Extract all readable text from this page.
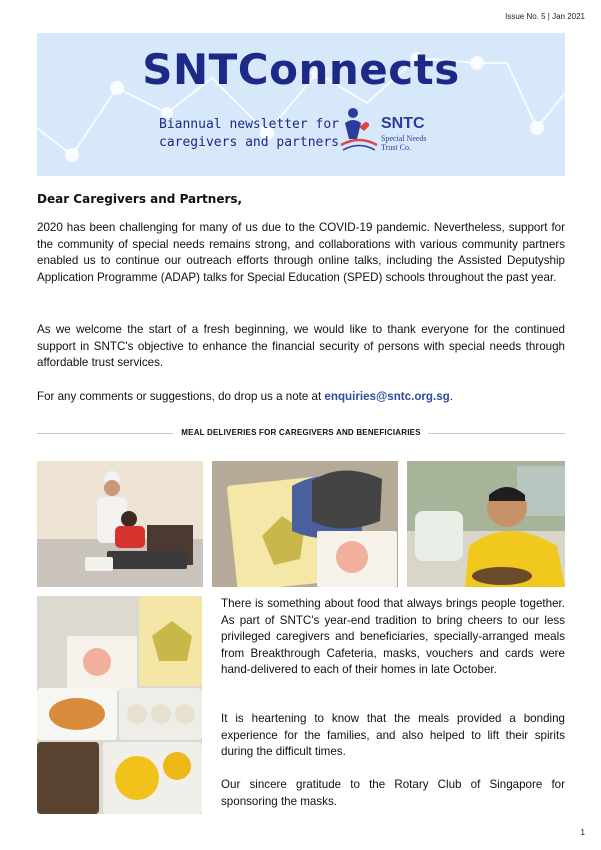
Issue No. 5 | Jan 2021
SNTConnects
Biannual newsletter for
caregivers and partners
SNTC
Special Needs
Trust Co.
Dear Caregivers and Partners,
2020 has been challenging for many of us due to the COVID-19 pandemic. Nevertheless, support for the community of special needs remains strong, and collaborations with various community partners enabled us to continue our outreach efforts through online talks, including the Assisted Deputyship Application Programme (ADAP) talks for Special Education (SPED) schools throughout the past year.
As we welcome the start of a fresh beginning, we would like to thank everyone for the continued support in SNTC's objective to enhance the financial security of persons with special needs through affordable trust services.
For any comments or suggestions, do drop us a note at enquiries@sntc.org.sg.
MEAL DELIVERIES FOR CAREGIVERS AND BENEFICIARIES
There is something about food that always brings people together. As part of SNTC's year-end tradition to bring cheers to our less privileged caregivers and beneficiaries, specially-arranged meals from Breakthrough Cafeteria, masks, vouchers and cards were hand-delivered to each of their homes in late October.
It is heartening to know that the meals provided a bonding experience for the families, and also helped to lift their spirits during the difficult times.
Our sincere gratitude to the Rotary Club of Singapore for sponsoring the masks.
1
